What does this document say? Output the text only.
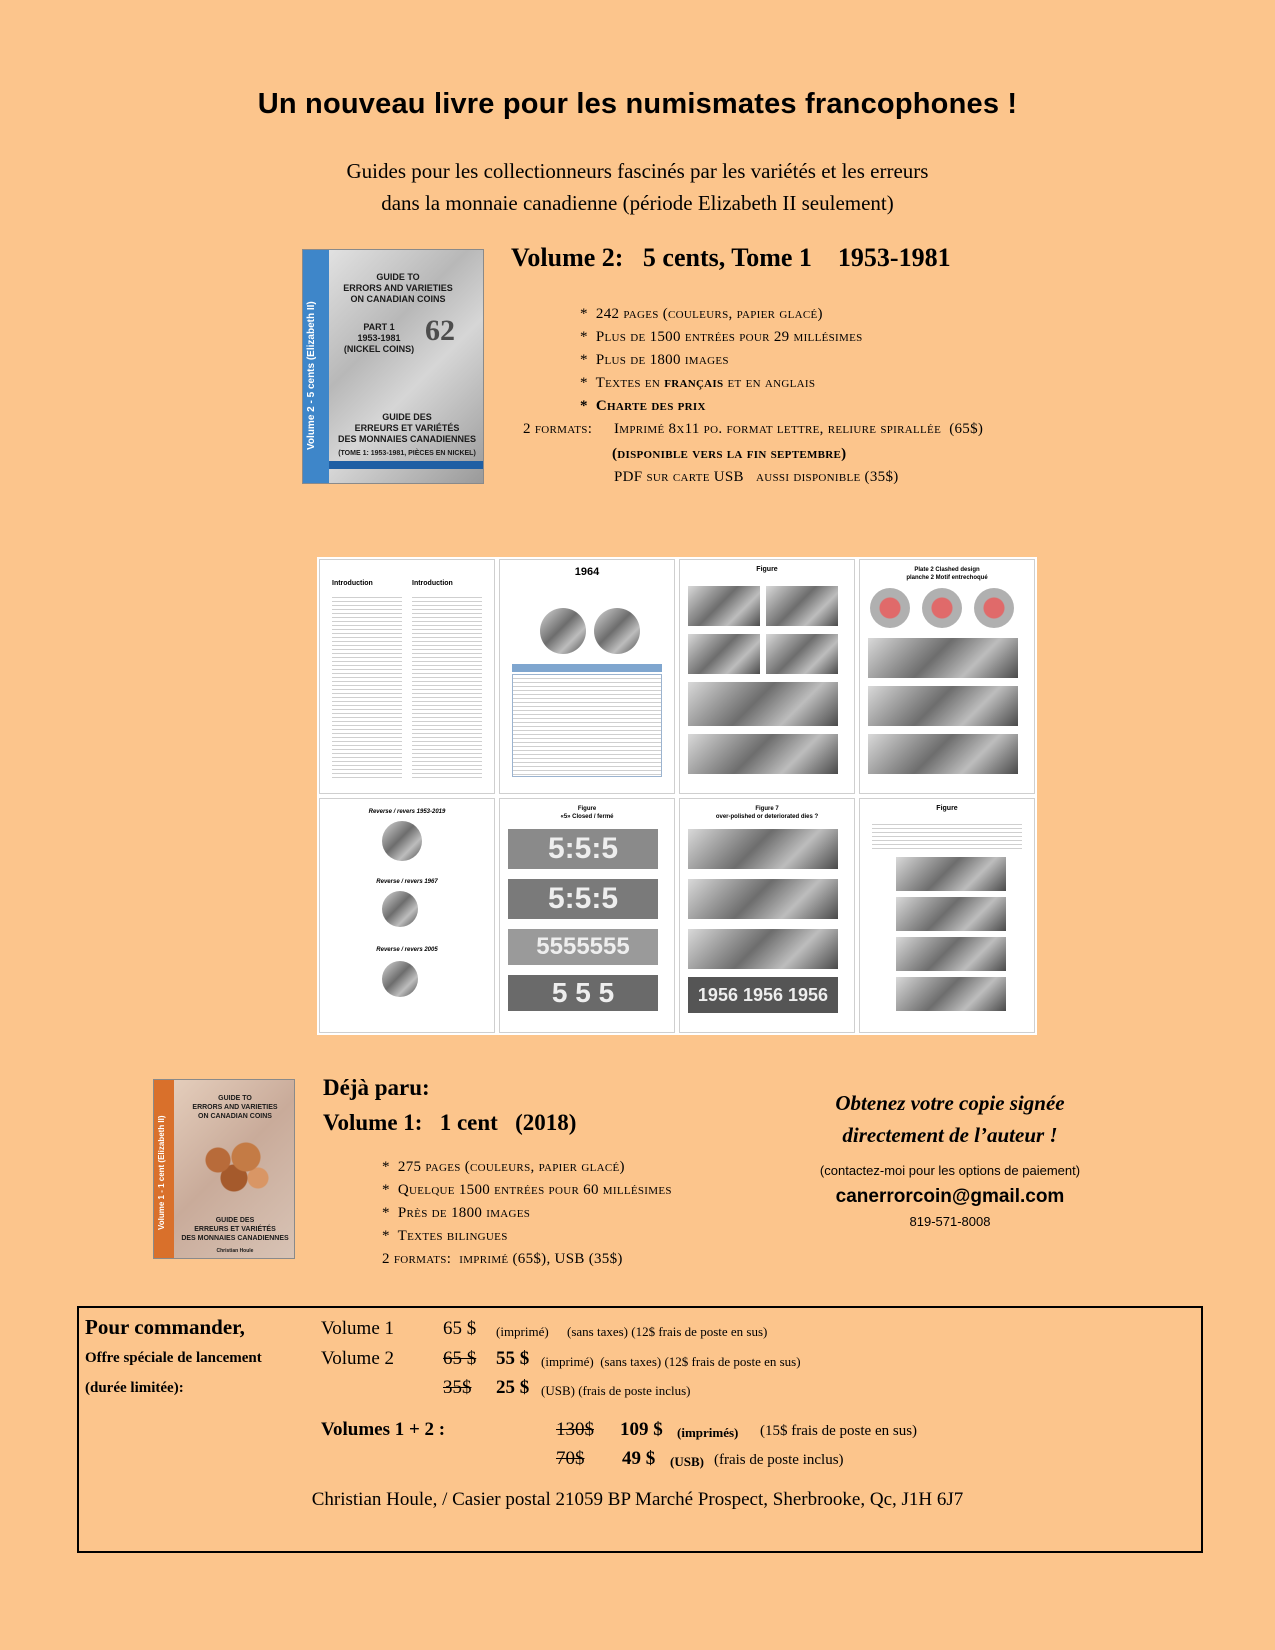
Un nouveau livre pour les numismates francophones !
Guides pour les collectionneurs fascinés par les variétés et les erreurs
dans la monnaie canadienne (période Elizabeth II seulement)
Volume 2 - 5 cents (Elizabeth II)
GUIDE TO
ERRORS AND VARIETIES
ON CANADIAN COINS
PART 1
1953-1981
(NICKEL COINS)
62
GUIDE DES
ERREURS ET VARIÉTÉS
DES MONNAIES CANADIENNES
(TOME 1: 1953-1981, PIÈCES EN NICKEL)
Volume 2:   5 cents, Tome 1    1953-1981
*  242 pages (couleurs, papier glacé)
*  Plus de 1500 entrées pour 29 millésimes
*  Plus de 1800 images
*  Textes en français et en anglais
*  Charte des prix
2 formats: Imprimé 8x11 po. format lettre, reliure spirallée  (65$)
(disponible vers la fin septembre)
PDF sur carte USB   aussi disponible (35$)
Introduction	Introduction
1964	Figure	Plate 2 Clashed design
planche 2 Motif entrechoqué
Reverse / revers 1953-2019
Reverse / revers 1967
Reverse / revers 2005
Figure
«5» Closed / fermé
5:5:5
5:5:5
5555555
5 5 5
Figure 7
over-polished or deteriorated dies ?
1956 1956 1956
Figure
Volume 1 - 1 cent (Elizabeth II)
GUIDE TO
ERRORS AND VARIETIES
ON CANADIAN COINS
GUIDE DES
ERREURS ET VARIÉTÉS
DES MONNAIES CANADIENNES
Christian Houle
Déjà paru:
Volume 1:   1 cent   (2018)
*  275 pages (couleurs, papier glacé)
*  Quelque 1500 entrées pour 60 millésimes
*  Près de 1800 images
*  Textes bilingues
2 formats:  imprimé (65$), USB (35$)
Obtenez votre copie signée
directement de l’auteur !
(contactez-moi pour les options de paiement)
canerrorcoin@gmail.com
819-571-8008
Pour commander,
Offre spéciale de lancement
(durée limitée):
Volume 1	65 $ (imprimé) (sans taxes) (12$ frais de poste en sus)
Volume 2	65 $ 55 $ (imprimé)  (sans taxes) (12$ frais de poste en sus)
35$ 25 $ (USB) (frais de poste inclus)
Volumes 1 + 2 :	130$ 109 $ (imprimés) (15$ frais de poste en sus)
70$ 49 $ (USB) (frais de poste inclus)
Christian Houle, / Casier postal 21059 BP Marché Prospect, Sherbrooke, Qc, J1H 6J7
